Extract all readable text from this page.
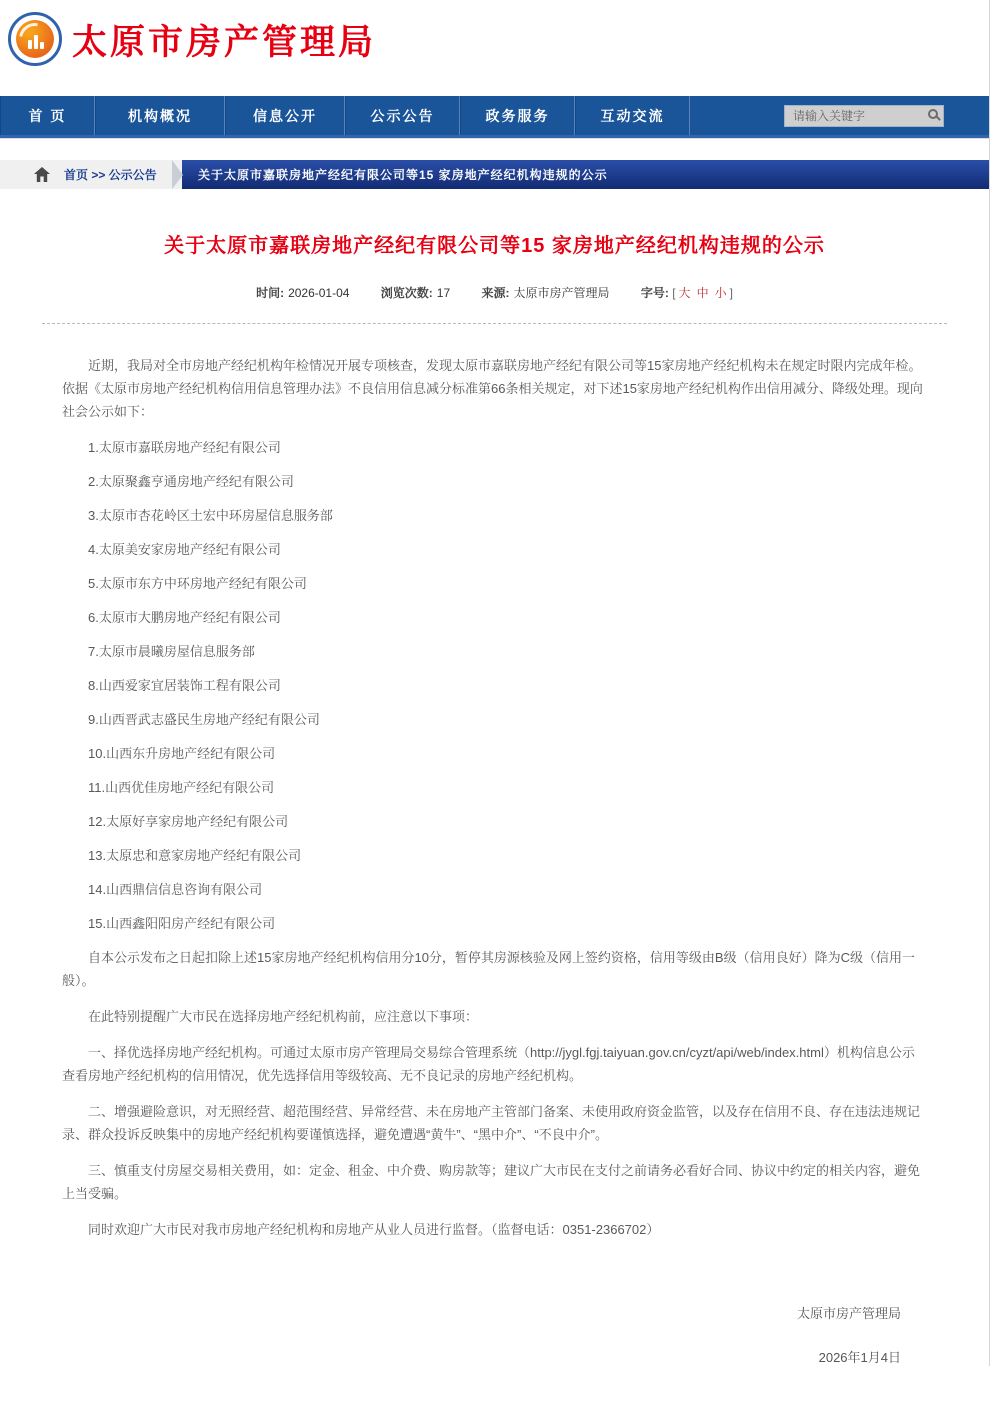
太原市房产管理局
首 页	机构概况	信息公开	公示公告	政务服务	互动交流
请输入关键字
首页 >> 公示公告	关于太原市嘉联房地产经纪有限公司等15 家房地产经纪机构违规的公示
关于太原市嘉联房地产经纪有限公司等15 家房地产经纪机构违规的公示
时间: 2026-01-04	浏览次数: 17	来源: 太原市房产管理局	字号: [ 大 中 小 ]

近期，我局对全市房地产经纪机构年检情况开展专项核查，发现太原市嘉联房地产经纪有限公司等15家房地产经纪机构未在规定时限内完成年检。依据《太原市房地产经纪机构信用信息管理办法》不良信用信息减分标准第66条相关规定，对下述15家房地产经纪机构作出信用减分、降级处理。现向社会公示如下：

1.太原市嘉联房地产经纪有限公司
2.太原聚鑫亨通房地产经纪有限公司
3.太原市杏花岭区土宏中环房屋信息服务部
4.太原美安家房地产经纪有限公司
5.太原市东方中环房地产经纪有限公司
6.太原市大鹏房地产经纪有限公司
7.太原市晨曦房屋信息服务部
8.山西爱家宜居装饰工程有限公司
9.山西晋武志盛民生房地产经纪有限公司
10.山西东升房地产经纪有限公司
11.山西优佳房地产经纪有限公司
12.太原好享家房地产经纪有限公司
13.太原忠和意家房地产经纪有限公司
14.山西鼎信信息咨询有限公司
15.山西鑫阳阳房产经纪有限公司

自本公示发布之日起扣除上述15家房地产经纪机构信用分10分，暂停其房源核验及网上签约资格，信用等级由B级（信用良好）降为C级（信用一般）。

在此特别提醒广大市民在选择房地产经纪机构前，应注意以下事项：

一、择优选择房地产经纪机构。可通过太原市房产管理局交易综合管理系统（http://jygl.fgj.taiyuan.gov.cn/cyzt/api/web/index.html）机构信息公示查看房地产经纪机构的信用情况，优先选择信用等级较高、无不良记录的房地产经纪机构。

二、增强避险意识，对无照经营、超范围经营、异常经营、未在房地产主管部门备案、未使用政府资金监管，以及存在信用不良、存在违法违规记录、群众投诉反映集中的房地产经纪机构要谨慎选择，避免遭遇“黄牛”、“黑中介”、“不良中介”。

三、慎重支付房屋交易相关费用，如：定金、租金、中介费、购房款等；建议广大市民在支付之前请务必看好合同、协议中约定的相关内容，避免上当受骗。

同时欢迎广大市民对我市房地产经纪机构和房地产从业人员进行监督。（监督电话：0351-2366702）

太原市房产管理局
2026年1月4日
